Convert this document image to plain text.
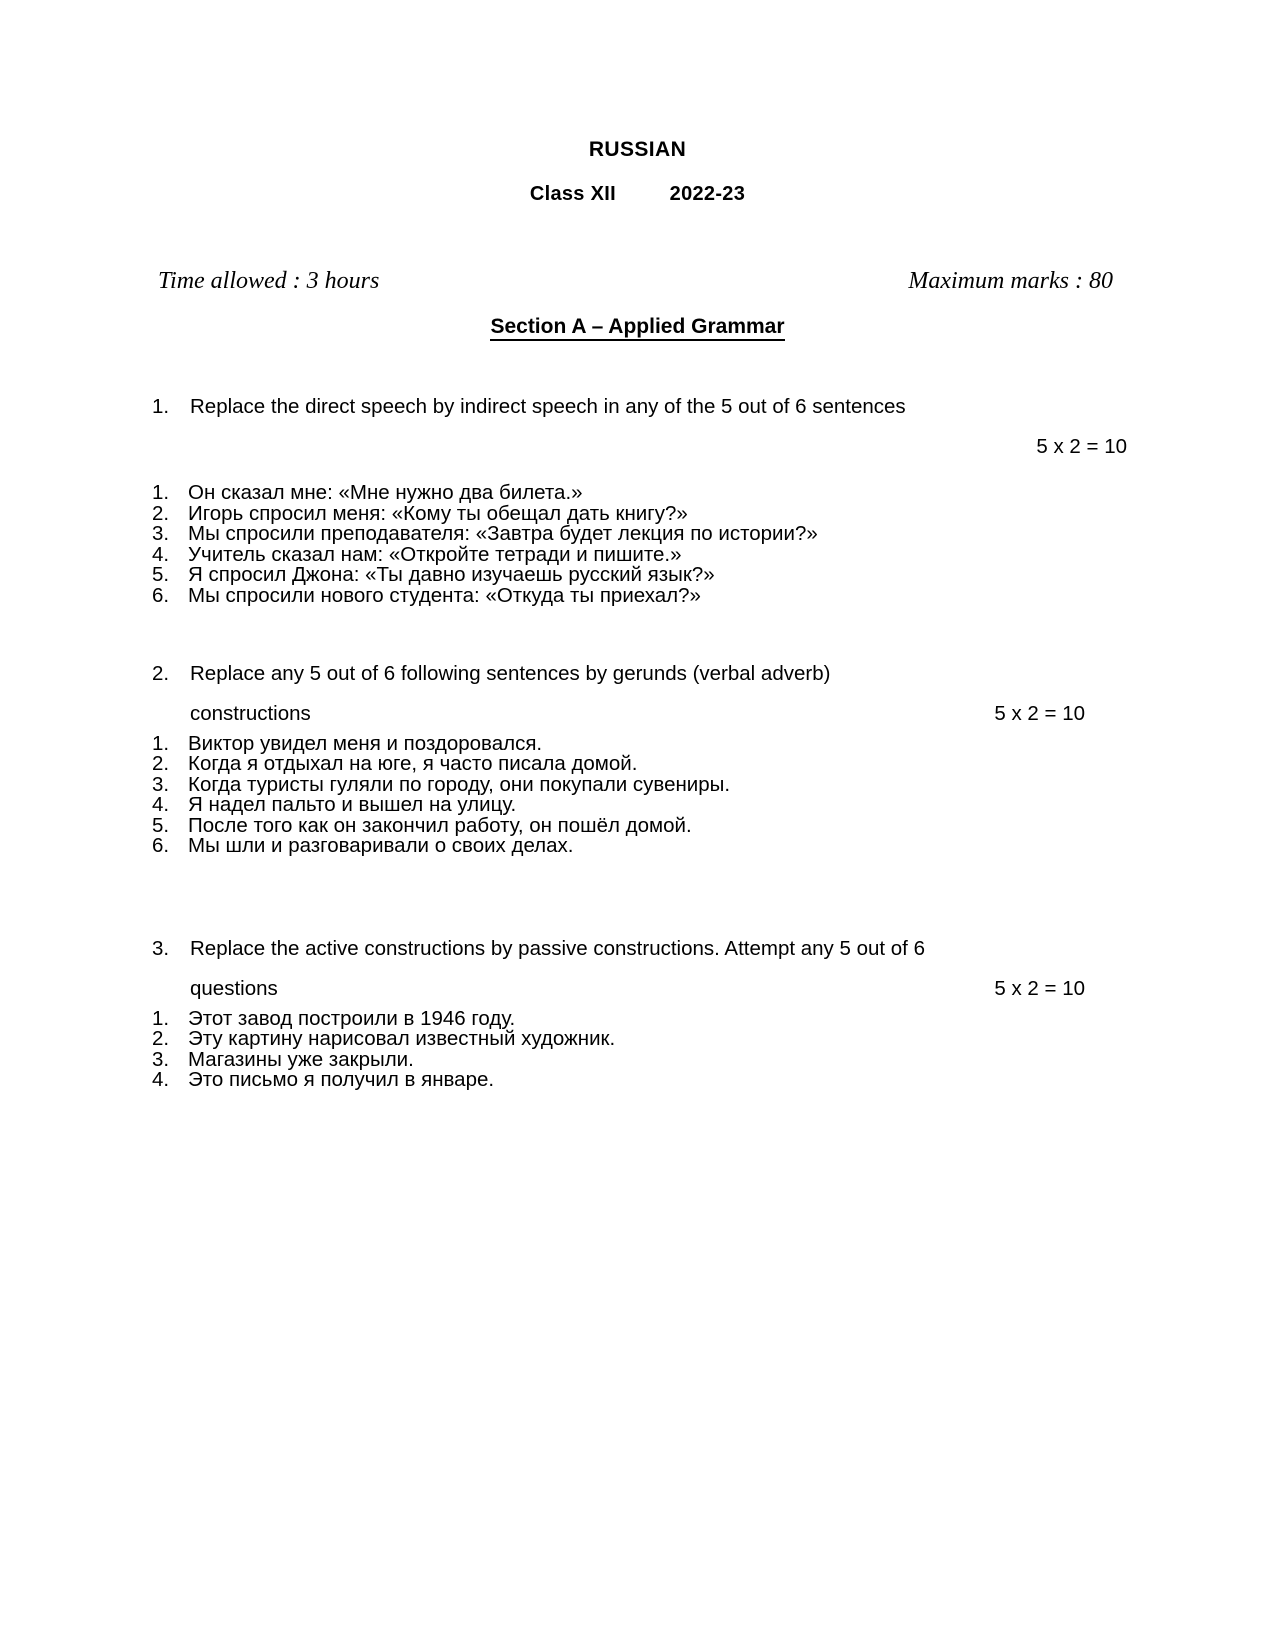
RUSSIAN
Class XII	2022-23
Time allowed : 3 hours	Maximum marks : 80
Section A – Applied Grammar
1.	Replace the direct speech by indirect speech in any of the 5 out of 6 sentences
5 x 2 = 10
1. Он сказал мне: «Мне нужно два билета.»
2. Игорь спросил меня: «Кому ты обещал дать книгу?»
3. Мы спросили преподавателя: «Завтра будет лекция по истории?»
4. Учитель сказал нам: «Откройте тетради и пишите.»
5. Я спросил Джона: «Ты давно изучаешь русский язык?»
6. Мы спросили нового студента: «Откуда ты приехал?»
2.	Replace any 5 out of 6 following sentences by gerunds (verbal adverb)
constructions	5 x 2 = 10
1. Виктор увидел меня и поздоровался.
2. Когда я отдыхал на юге, я часто писала домой.
3. Когда туристы гуляли по городу, они покупали сувениры.
4. Я надел пальто и вышел на улицу.
5. После того как он закончил работу, он пошёл домой.
6. Мы шли и разговаривали о своих делах.
3.	Replace the active constructions by passive constructions. Attempt any 5 out of 6
questions	5 x 2 = 10
1. Этот завод построили в 1946 году.
2. Эту картину нарисовал известный художник.
3. Магазины уже закрыли.
4. Это письмо я получил в январе.
